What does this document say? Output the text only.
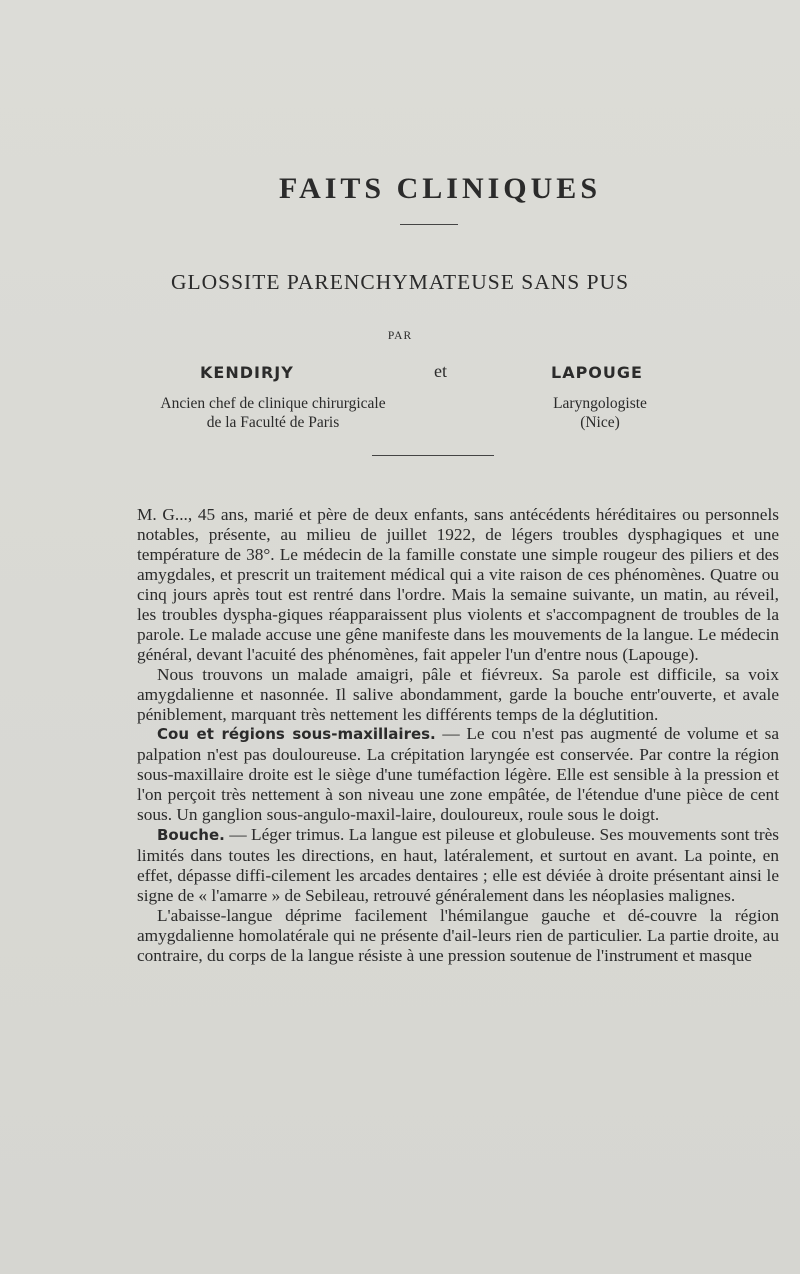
FAITS CLINIQUES
GLOSSITE PARENCHYMATEUSE SANS PUS
PAR
KENDIRJY	et	LAPOUGE
Ancien chef de clinique chirurgicale
de la Faculté de Paris
Laryngologiste
(Nice)

M. G..., 45 ans, marié et père de deux enfants, sans antécédents héréditaires ou personnels notables, présente, au milieu de juillet 1922, de légers troubles dysphagiques et une température de 38°. Le médecin de la famille constate une simple rougeur des piliers et des amygdales, et prescrit un traitement médical qui a vite raison de ces phénomènes. Quatre ou cinq jours après tout est rentré dans l'ordre. Mais la semaine suivante, un matin, au réveil, les troubles dyspha-giques réapparaissent plus violents et s'accompagnent de troubles de la parole. Le malade accuse une gêne manifeste dans les mouvements de la langue. Le médecin général, devant l'acuité des phénomènes, fait appeler l'un d'entre nous (Lapouge).

Nous trouvons un malade amaigri, pâle et fiévreux. Sa parole est difficile, sa voix amygdalienne et nasonnée. Il salive abondamment, garde la bouche entr'ouverte, et avale péniblement, marquant très nettement les différents temps de la déglutition.

Cou et régions sous-maxillaires. — Le cou n'est pas augmenté de volume et sa palpation n'est pas douloureuse. La crépitation laryngée est conservée. Par contre la région sous-maxillaire droite est le siège d'une tuméfaction légère. Elle est sensible à la pression et l'on perçoit très nettement à son niveau une zone empâtée, de l'étendue d'une pièce de cent sous. Un ganglion sous-angulo-maxil-laire, douloureux, roule sous le doigt.

Bouche. — Léger trimus. La langue est pileuse et globuleuse. Ses mouvements sont très limités dans toutes les directions, en haut, latéralement, et surtout en avant. La pointe, en effet, dépasse diffi-cilement les arcades dentaires ; elle est déviée à droite présentant ainsi le signe de « l'amarre » de Sebileau, retrouvé généralement dans les néoplasies malignes.

L'abaisse-langue déprime facilement l'hémilangue gauche et dé-couvre la région amygdalienne homolatérale qui ne présente d'ail-leurs rien de particulier. La partie droite, au contraire, du corps de la langue résiste à une pression soutenue de l'instrument et masque
